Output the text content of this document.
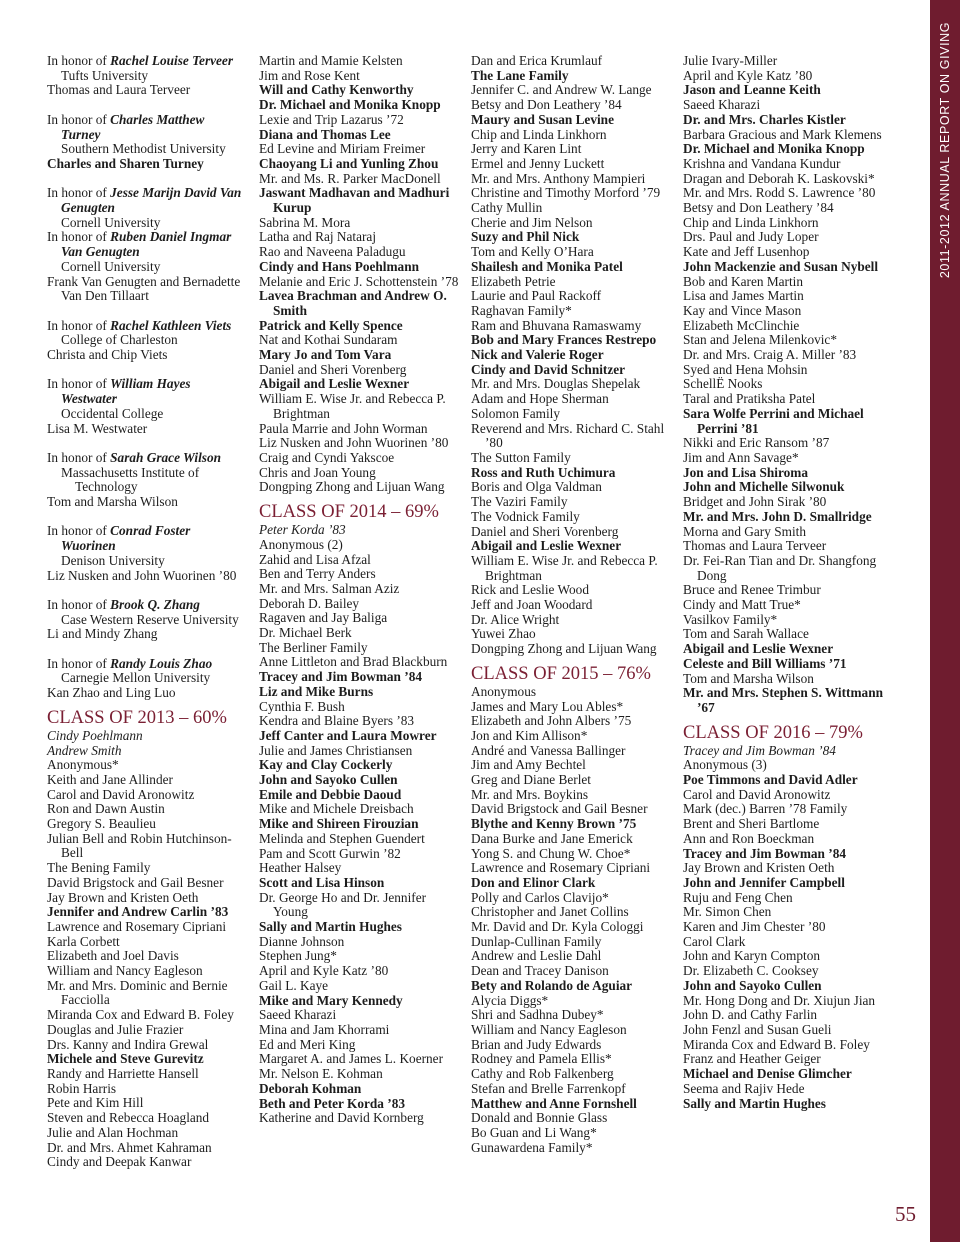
2011-2012 ANNUAL REPORT ON GIVING
In honor of Rachel Louise Terveer
Tufts University
Thomas and Laura Terveer
In honor of Charles Matthew Turney
Southern Methodist University
Charles and Sharen Turney
In honor of Jesse Marijn David Van Genugten
Cornell University
In honor of Ruben Daniel Ingmar Van Genugten
Cornell University
Frank Van Genugten and Bernadette Van Den Tillaart
In honor of Rachel Kathleen Viets
College of Charleston
Christa and Chip Viets
In honor of William Hayes Westwater
Occidental College
Lisa M. Westwater
In honor of Sarah Grace Wilson
Massachusetts Institute of Technology
Tom and Marsha Wilson
In honor of Conrad Foster Wuorinen
Denison University
Liz Nusken and John Wuorinen ’80
In honor of Brook Q. Zhang
Case Western Reserve University
Li and Mindy Zhang
In honor of Randy Louis Zhao
Carnegie Mellon University
Kan Zhao and Ling Luo
CLASS OF 2013 – 60%
Cindy Poehlmann
Andrew Smith
Anonymous*
Keith and Jane Allinder
Carol and David Aronowitz
Ron and Dawn Austin
Gregory S. Beaulieu
Julian Bell and Robin Hutchinson-Bell
The Bening Family
David Brigstock and Gail Besner
Jay Brown and Kristen Oeth
Jennifer and Andrew Carlin ’83
Lawrence and Rosemary Cipriani
Karla Corbett
Elizabeth and Joel Davis
William and Nancy Eagleson
Mr. and Mrs. Dominic and Bernie Facciolla
Miranda Cox and Edward B. Foley
Douglas and Julie Frazier
Drs. Kanny and Indira Grewal
Michele and Steve Gurevitz
Randy and Harriette Hansell
Robin Harris
Pete and Kim Hill
Steven and Rebecca Hoagland
Julie and Alan Hochman
Dr. and Mrs. Ahmet Kahraman
Cindy and Deepak Kanwar
Martin and Mamie Kelsten
Jim and Rose Kent
Will and Cathy Kenworthy
Dr. Michael and Monika Knopp
Lexie and Trip Lazarus ’72
Diana and Thomas Lee
Ed Levine and Miriam Freimer
Chaoyang Li and Yunling Zhou
Mr. and Ms. R. Parker MacDonell
Jaswant Madhavan and Madhuri Kurup
Sabrina M. Mora
Latha and Raj Nataraj
Rao and Naveena Paladugu
Cindy and Hans Poehlmann
Melanie and Eric J. Schottenstein ’78
Lavea Brachman and Andrew O. Smith
Patrick and Kelly Spence
Nat and Kothai Sundaram
Mary Jo and Tom Vara
Daniel and Sheri Vorenberg
Abigail and Leslie Wexner
William E. Wise Jr. and Rebecca P. Brightman
Paula Marrie and John Worman
Liz Nusken and John Wuorinen ’80
Craig and Cyndi Yakscoe
Chris and Joan Young
Dongping Zhong and Lijuan Wang
CLASS OF 2014 – 69%
Peter Korda ’83
Anonymous (2)
Zahid and Lisa Afzal
Ben and Terry Anders
Mr. and Mrs. Salman Aziz
Deborah D. Bailey
Ragaven and Jay Baliga
Dr. Michael Berk
The Berliner Family
Anne Littleton and Brad Blackburn
Tracey and Jim Bowman ’84
Liz and Mike Burns
Cynthia F. Bush
Kendra and Blaine Byers ’83
Jeff Canter and Laura Mowrer
Julie and James Christiansen
Kay and Clay Cockerly
John and Sayoko Cullen
Emile and Debbie Daoud
Mike and Michele Dreisbach
Mike and Shireen Firouzian
Melinda and Stephen Guendert
Pam and Scott Gurwin ’82
Heather Halsey
Scott and Lisa Hinson
Dr. George Ho and Dr. Jennifer Young
Sally and Martin Hughes
Dianne Johnson
Stephen Jung*
April and Kyle Katz ’80
Gail L. Kaye
Mike and Mary Kennedy
Saeed Kharazi
Mina and Jam Khorrami
Ed and Meri King
Margaret A. and James L. Koerner
Mr. Nelson E. Kohman
Deborah Kohman
Beth and Peter Korda ’83
Katherine and David Kornberg
Dan and Erica Krumlauf
The Lane Family
Jennifer C. and Andrew W. Lange
Betsy and Don Leathery ’84
Maury and Susan Levine
Chip and Linda Linkhorn
Jerry and Karen Lint
Ermel and Jenny Luckett
Mr. and Mrs. Anthony Mampieri
Christine and Timothy Morford ’79
Cathy Mullin
Cherie and Jim Nelson
Suzy and Phil Nick
Tom and Kelly O’Hara
Shailesh and Monika Patel
Elizabeth Petrie
Laurie and Paul Rackoff
Raghavan Family*
Ram and Bhuvana Ramaswamy
Bob and Mary Frances Restrepo
Nick and Valerie Roger
Cindy and David Schnitzer
Mr. and Mrs. Douglas Shepelak
Adam and Hope Sherman
Solomon Family
Reverend and Mrs. Richard C. Stahl ’80
The Sutton Family
Ross and Ruth Uchimura
Boris and Olga Valdman
The Vaziri Family
The Vodnick Family
Daniel and Sheri Vorenberg
Abigail and Leslie Wexner
William E. Wise Jr. and Rebecca P. Brightman
Rick and Leslie Wood
Jeff and Joan Woodard
Dr. Alice Wright
Yuwei Zhao
Dongping Zhong and Lijuan Wang
CLASS OF 2015 – 76%
Anonymous
James and Mary Lou Ables*
Elizabeth and John Albers ’75
Jon and Kim Allison*
André and Vanessa Ballinger
Jim and Amy Bechtel
Greg and Diane Berlet
Mr. and Mrs. Boykins
David Brigstock and Gail Besner
Blythe and Kenny Brown ’75
Dana Burke and Jane Emerick
Yong S. and Chung W. Choe*
Lawrence and Rosemary Cipriani
Don and Elinor Clark
Polly and Carlos Clavijo*
Christopher and Janet Collins
Mr. David and Dr. Kyla Cologgi
Dunlap-Cullinan Family
Andrew and Leslie Dahl
Dean and Tracey Danison
Bety and Rolando de Aguiar
Alycia Diggs*
Shri and Sadhna Dubey*
William and Nancy Eagleson
Brian and Judy Edwards
Rodney and Pamela Ellis*
Cathy and Rob Falkenberg
Stefan and Brelle Farrenkopf
Matthew and Anne Fornshell
Donald and Bonnie Glass
Bo Guan and Li Wang*
Gunawardena Family*
Julie Ivary-Miller
April and Kyle Katz ’80
Jason and Leanne Keith
Saeed Kharazi
Dr. and Mrs. Charles Kistler
Barbara Gracious and Mark Klemens
Dr. Michael and Monika Knopp
Krishna and Vandana Kundur
Dragan and Deborah K. Laskovski*
Mr. and Mrs. Rodd S. Lawrence ’80
Betsy and Don Leathery ’84
Chip and Linda Linkhorn
Drs. Paul and Judy Loper
Kate and Jeff Lusenhop
John Mackenzie and Susan Nybell
Bob and Karen Martin
Lisa and James Martin
Kay and Vince Mason
Elizabeth McClinchie
Stan and Jelena Milenkovic*
Dr. and Mrs. Craig A. Miller ’83
Syed and Hena Mohsin
SchellË Nooks
Taral and Pratiksha Patel
Sara Wolfe Perrini and Michael Perrini ’81
Nikki and Eric Ransom ’87
Jim and Ann Savage*
Jon and Lisa Shiroma
John and Michelle Silwonuk
Bridget and John Sirak ’80
Mr. and Mrs. John D. Smallridge
Morna and Gary Smith
Thomas and Laura Terveer
Dr. Fei-Ran Tian and Dr. Shangfong Dong
Bruce and Renee Trimbur
Cindy and Matt True*
Vasilkov Family*
Tom and Sarah Wallace
Abigail and Leslie Wexner
Celeste and Bill Williams ’71
Tom and Marsha Wilson
Mr. and Mrs. Stephen S. Wittmann ’67
CLASS OF 2016 – 79%
Tracey and Jim Bowman ’84
Anonymous (3)
Poe Timmons and David Adler
Carol and David Aronowitz
Mark (dec.) Barren ’78 Family
Brent and Sheri Bartlome
Ann and Ron Boeckman
Tracey and Jim Bowman ’84
Jay Brown and Kristen Oeth
John and Jennifer Campbell
Ruju and Feng Chen
Mr. Simon Chen
Karen and Jim Chester ’80
Carol Clark
John and Karyn Compton
Dr. Elizabeth C. Cooksey
John and Sayoko Cullen
Mr. Hong Dong and Dr. Xiujun Jian
John D. and Cathy Farlin
John Fenzl and Susan Gueli
Miranda Cox and Edward B. Foley
Franz and Heather Geiger
Michael and Denise Glimcher
Seema and Rajiv Hede
Sally and Martin Hughes
55
